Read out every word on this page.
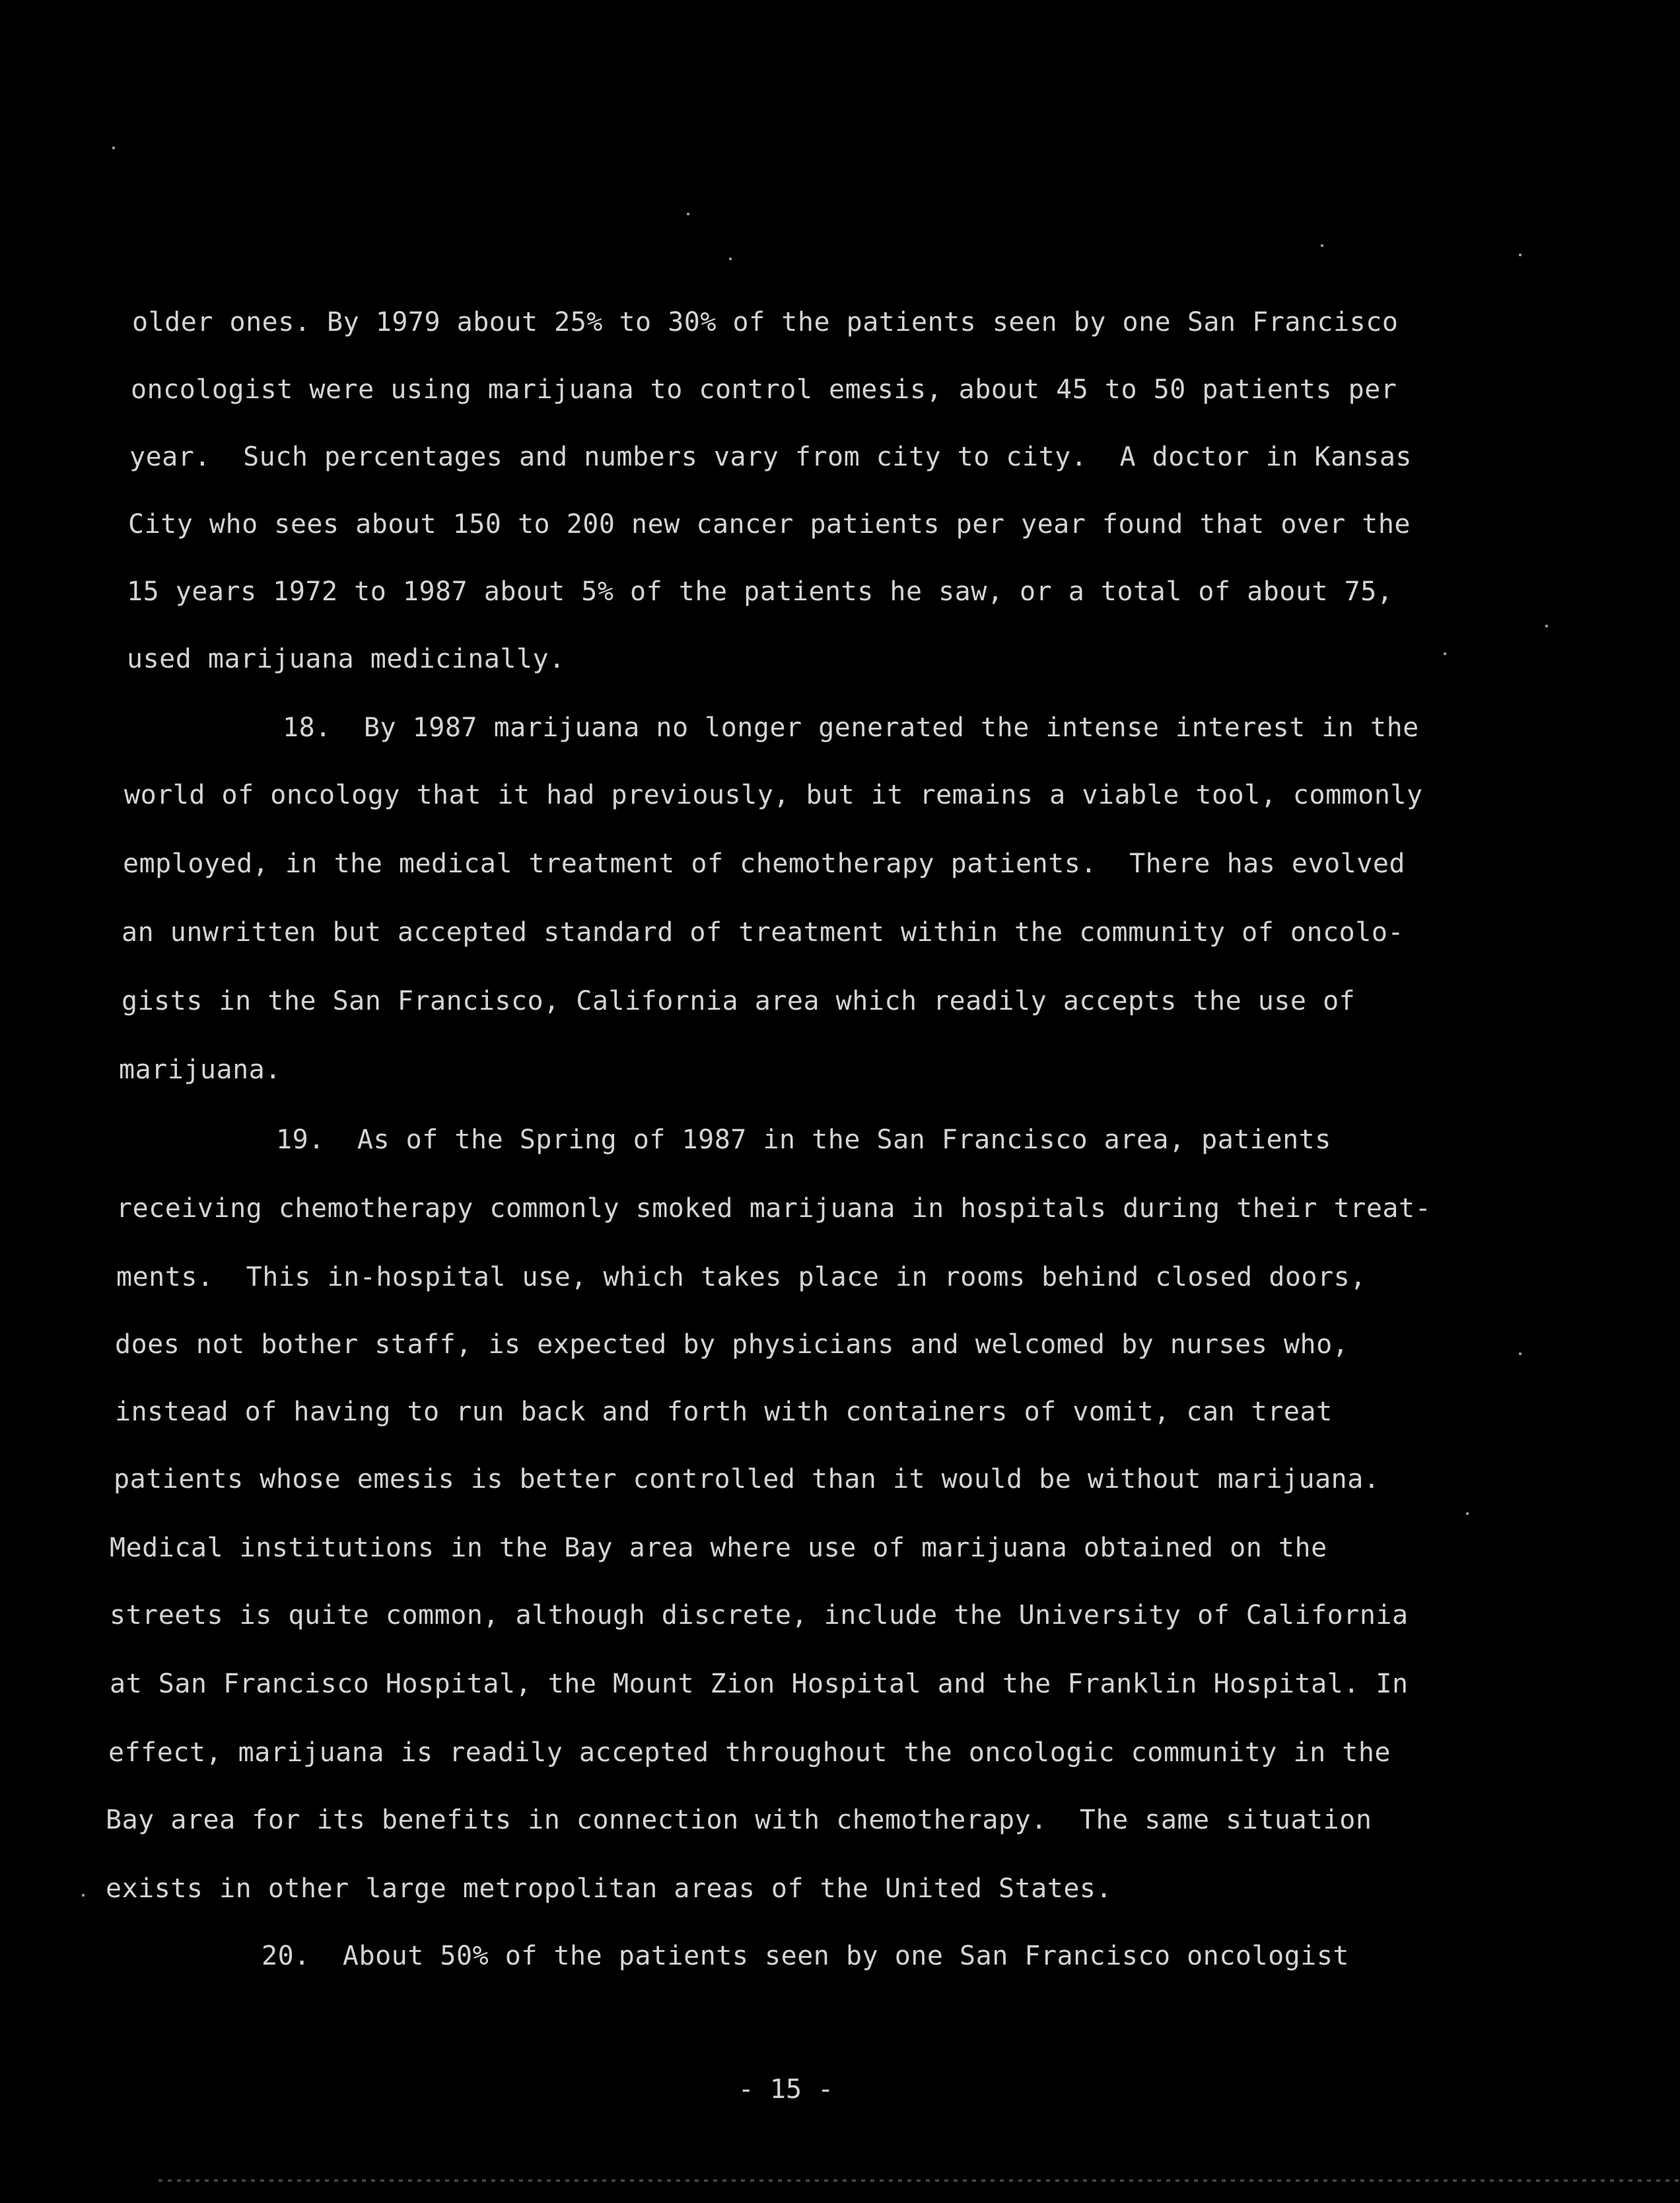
older ones. By 1979 about 25% to 30% of the patients seen by one San Francisco
oncologist were using marijuana to control emesis, about 45 to 50 patients per
year.  Such percentages and numbers vary from city to city.  A doctor in Kansas
City who sees about 150 to 200 new cancer patients per year found that over the
15 years 1972 to 1987 about 5% of the patients he saw, or a total of about 75,
used marijuana medicinally.
18.  By 1987 marijuana no longer generated the intense interest in the
world of oncology that it had previously, but it remains a viable tool, commonly
employed, in the medical treatment of chemotherapy patients.  There has evolved
an unwritten but accepted standard of treatment within the community of oncolo-
gists in the San Francisco, California area which readily accepts the use of
marijuana.
19.  As of the Spring of 1987 in the San Francisco area, patients
receiving chemotherapy commonly smoked marijuana in hospitals during their treat-
ments.  This in-hospital use, which takes place in rooms behind closed doors,
does not bother staff, is expected by physicians and welcomed by nurses who,
instead of having to run back and forth with containers of vomit, can treat
patients whose emesis is better controlled than it would be without marijuana.
Medical institutions in the Bay area where use of marijuana obtained on the
streets is quite common, although discrete, include the University of California
at San Francisco Hospital, the Mount Zion Hospital and the Franklin Hospital. In
effect, marijuana is readily accepted throughout the oncologic community in the
Bay area for its benefits in connection with chemotherapy.  The same situation
exists in other large metropolitan areas of the United States.
20.  About 50% of the patients seen by one San Francisco oncologist
- 15 -
